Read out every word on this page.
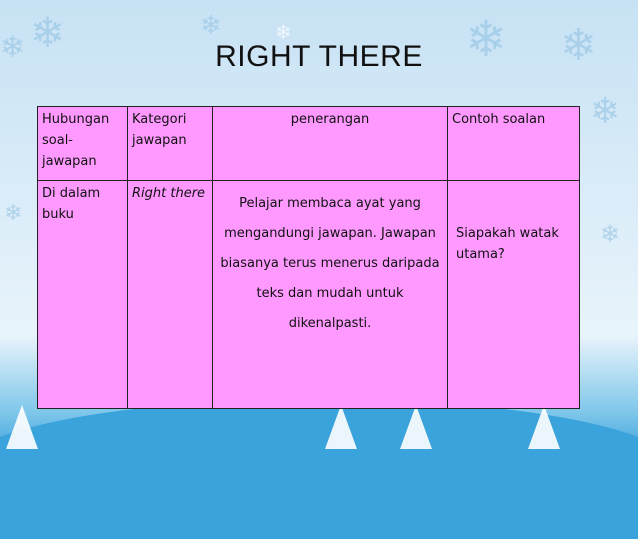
❄
❄
❄	❄	❄ ❄
❄
❄
❄
RIGHT THERE
Hubungan soal-jawapan	Kategori jawapan	penerangan	Contoh soalan
Di dalam buku	Right there	Pelajar membaca ayat yang mengandungi jawapan. Jawapan biasanya terus menerus daripada teks dan mudah untuk dikenalpasti.	Siapakah watak utama?
